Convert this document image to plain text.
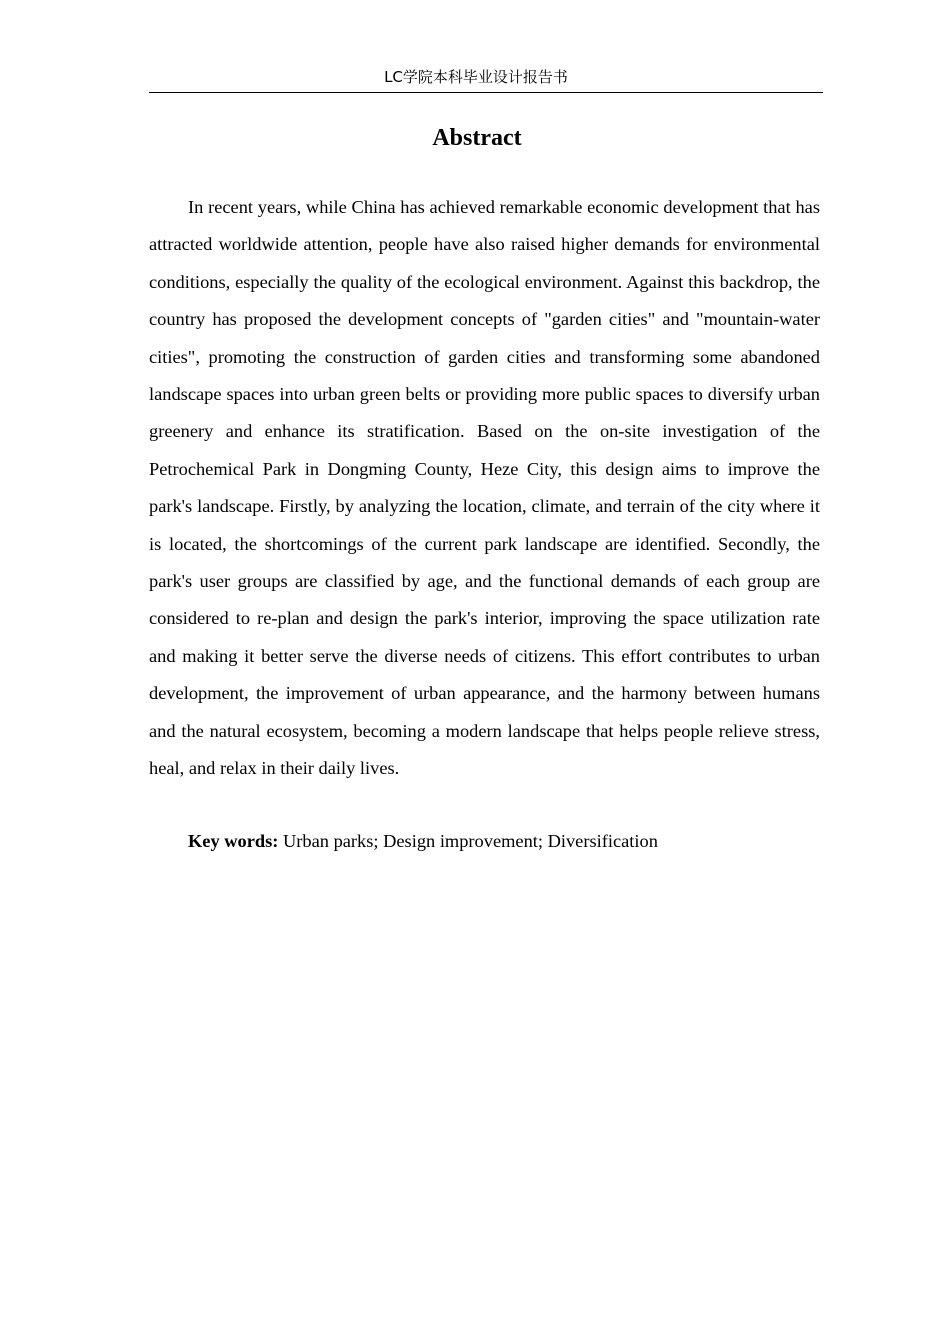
LC学院本科毕业设计报告书
Abstract

In recent years, while China has achieved remarkable economic development that has attracted worldwide attention, people have also raised higher demands for environmental conditions, especially the quality of the ecological environment. Against this backdrop, the country has proposed the development concepts of "garden cities" and "mountain-water cities", promoting the construction of garden cities and transforming some abandoned landscape spaces into urban green belts or providing more public spaces to diversify urban greenery and enhance its stratification. Based on the on-site investigation of the Petrochemical Park in Dongming County, Heze City, this design aims to improve the park's landscape. Firstly, by analyzing the location, climate, and terrain of the city where it is located, the shortcomings of the current park landscape are identified. Secondly, the park's user groups are classified by age, and the functional demands of each group are considered to re-plan and design the park's interior, improving the space utilization rate and making it better serve the diverse needs of citizens. This effort contributes to urban development, the improvement of urban appearance, and the harmony between humans and the natural ecosystem, becoming a modern landscape that helps people relieve stress, heal, and relax in their daily lives.

Key words: Urban parks; Design improvement; Diversification
